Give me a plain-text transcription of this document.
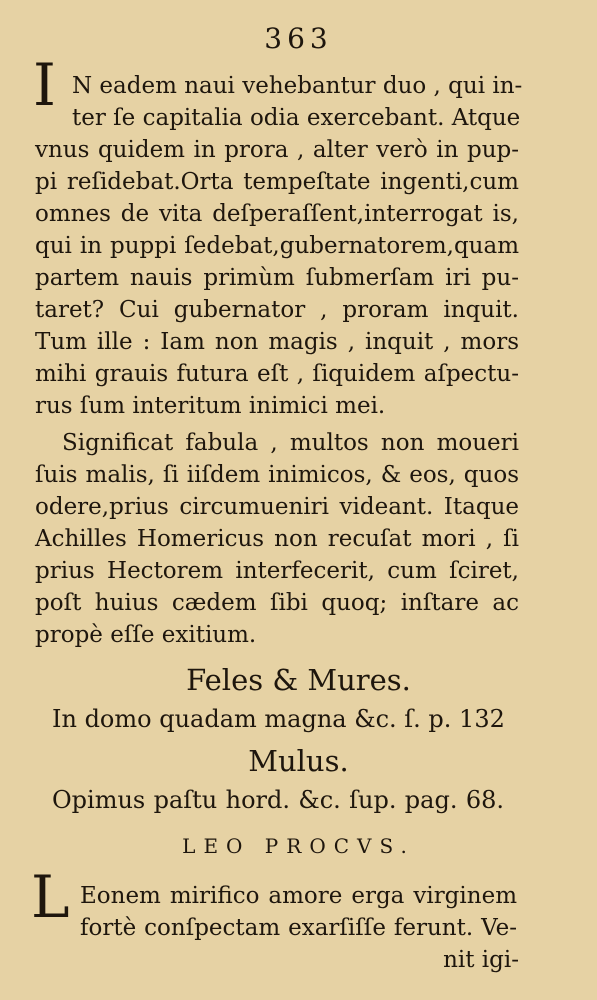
363
I N eadem naui vehebantur duo , qui in-
ter ſe capitalia odia exercebant. Atque
vnus quidem in prora , alter verò in pup-
pi reſidebat.Orta tempeſtate ingenti,cum
omnes de vita deſperaſſent,interrogat is,
qui in puppi ſedebat,gubernatorem,quam
partem nauis primùm ſubmerſam iri pu-
taret? Cui gubernator , proram inquit.
Tum ille : Iam non magis , inquit , mors
mihi grauis futura eſt , ſiquidem aſpectu-
rus ſum interitum inimici mei.
Significat fabula , multos non moueri
ſuis malis, ſi iiſdem inimicos, & eos, quos
odere,prius circumueniri videant. Itaque
Achilles Homericus non recuſat mori , ſi
prius Hectorem interfecerit, cum ſciret,
poſt huius cædem ſibi quoq; inſtare ac
propè eſſe exitium.
Feles & Mures.
In domo quadam magna &c. ſ. p. 132
Mulus.
Opimus paſtu hord. &c. ſup. pag. 68.
LEO PROCVS.
L Eonem mirifico amore erga virginem
fortè conſpectam exarſiſſe ferunt. Ve-
nit igi-
